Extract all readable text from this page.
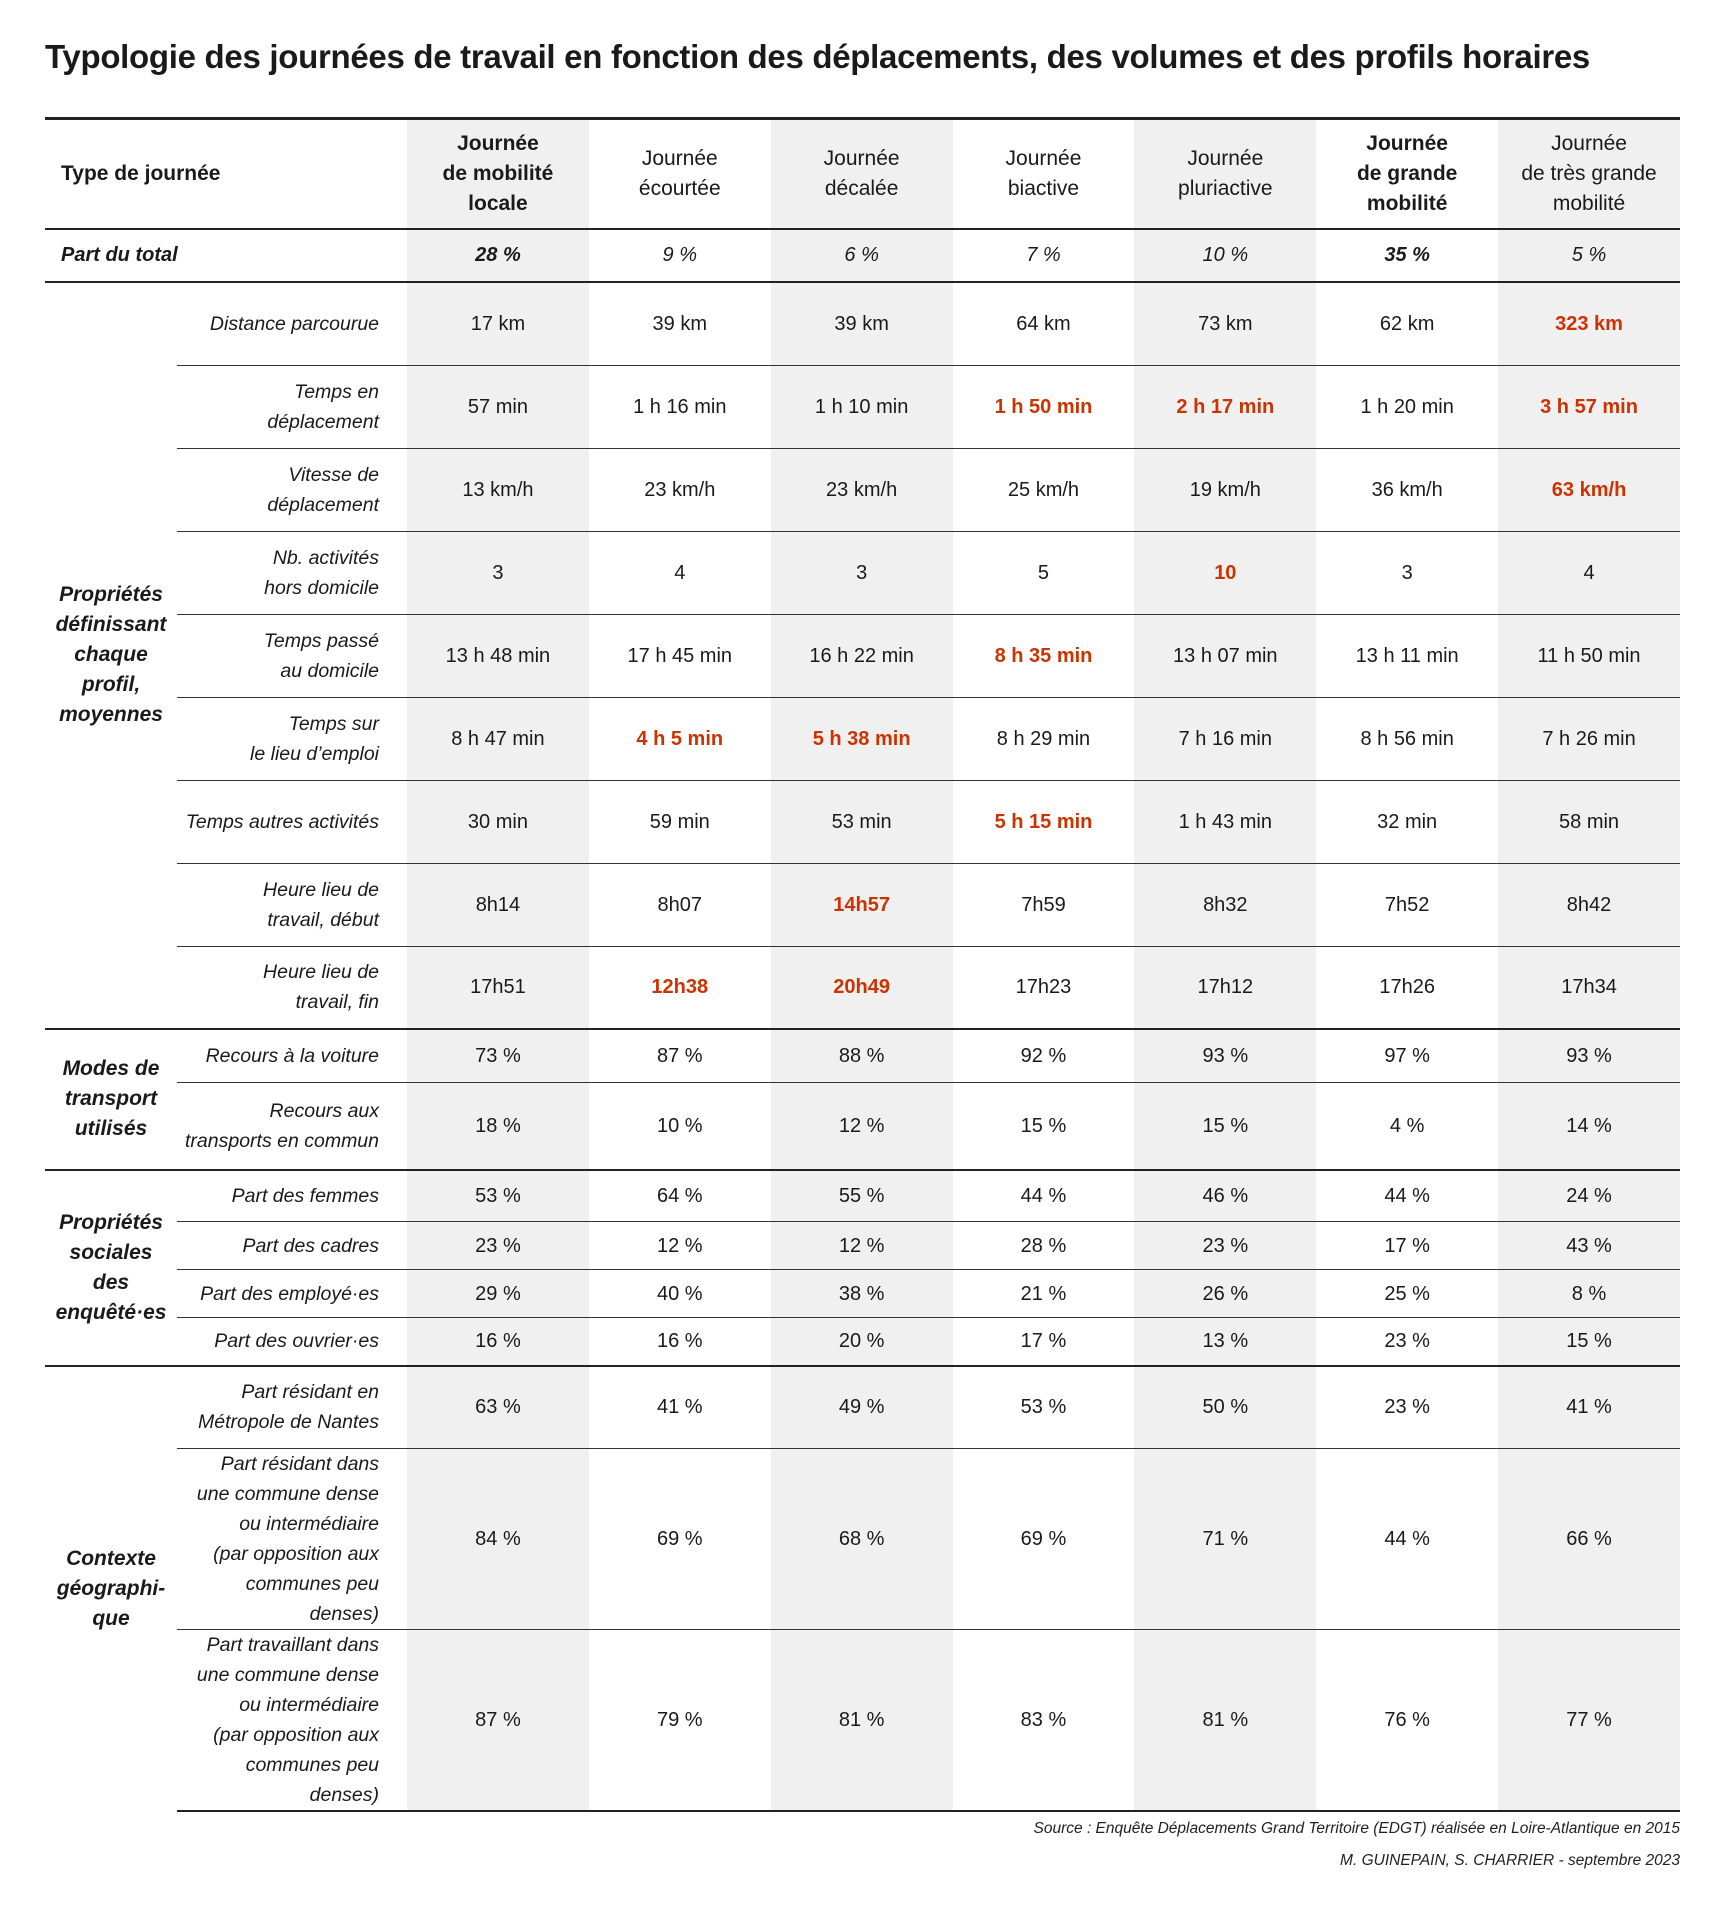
Typologie des journées de travail en fonction des déplacements, des volumes et des profils horaires
Type de journée		Journée
de mobilité
locale	Journée
écourtée	Journée
décalée	Journée
biactive	Journée
pluriactive	Journée
de grande
mobilité	Journée
de très grande
mobilité
Part du total		28 %	9 %	6 %	7 %	10 %	35 %	5 %
Propriétés
définissant
chaque
profil,
moyennes	Distance parcourue	17 km	39 km	39 km	64 km	73 km	62 km	323 km
	Temps en déplacement	57 min	1 h 16 min	1 h 10 min	1 h 50 min	2 h 17 min	1 h 20 min	3 h 57 min
	Vitesse de déplacement	13 km/h	23 km/h	23 km/h	25 km/h	19 km/h	36 km/h	63 km/h
	Nb. activités
hors domicile	3	4	3	5	10	3	4
	Temps passé
au domicile	13 h 48 min	17 h 45 min	16 h 22 min	8 h 35 min	13 h 07 min	13 h 11 min	11 h 50 min
	Temps sur
le lieu d’emploi	8 h 47 min	4 h 5 min	5 h 38 min	8 h 29 min	7 h 16 min	8 h 56 min	7 h 26 min
	Temps autres activités	30 min	59 min	53 min	5 h 15 min	1 h 43 min	32 min	58 min
	Heure lieu de
travail, début	8h14	8h07	14h57	7h59	8h32	7h52	8h42
	Heure lieu de
travail, fin	17h51	12h38	20h49	17h23	17h12	17h26	17h34
Modes de
transport
utilisés	Recours à la voiture	73 %	87 %	88 %	92 %	93 %	97 %	93 %
	Recours aux
transports en commun	18 %	10 %	12 %	15 %	15 %	4 %	14 %
Propriétés
sociales
des
enquêté·es	Part des femmes	53 %	64 %	55 %	44 %	46 %	44 %	24 %
	Part des cadres	23 %	12 %	12 %	28 %	23 %	17 %	43 %
	Part des employé·es	29 %	40 %	38 %	21 %	26 %	25 %	8 %
	Part des ouvrier·es	16 %	16 %	20 %	17 %	13 %	23 %	15 %
Contexte
géographi-
que	Part résidant en
Métropole de Nantes	63 %	41 %	49 %	53 %	50 %	23 %	41 %
	Part résidant dans
une commune dense
ou intermédiaire
(par opposition aux
communes peu denses)	84 %	69 %	68 %	69 %	71 %	44 %	66 %
	Part travaillant dans
une commune dense
ou intermédiaire
(par opposition aux
communes peu denses)	87 %	79 %	81 %	83 %	81 %	76 %	77 %
Source : Enquête Déplacements Grand Territoire (EDGT) réalisée en Loire-Atlantique en 2015
M. GUINEPAIN, S. CHARRIER - septembre 2023
